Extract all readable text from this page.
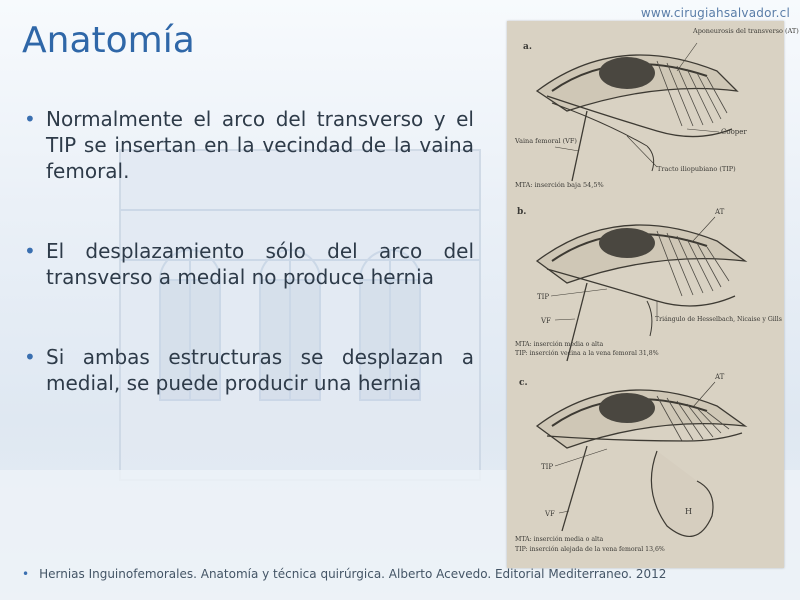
www.cirugiahsalvador.cl
Anatomía
• Normalmente el arco del transverso y el TIP se insertan en la vecindad de la vaina femoral.
• El desplazamiento sólo del arco del transverso a medial no produce hernia
• Si ambas estructuras se desplazan a medial, se puede producir una hernia
a.
Aponeurosis del transverso (AT)
Cooper
Vaina femoral (VF)
Tracto iliopubiano (TIP)
MTA: inserción baja 54,5%
b.	AT
TIP
VF	Triángulo de Hesselbach, Nicaise y Gills
MTA: inserción media o alta
TIP: inserción vecina a la vena femoral 31,8%
c.
AT
TIP
VF	H
MTA: inserción media o alta
TIP: inserción alejada de la vena femoral 13,6%
• Hernias Inguinofemorales. Anatomía y técnica quirúrgica. Alberto Acevedo. Editorial Mediterraneo. 2012
